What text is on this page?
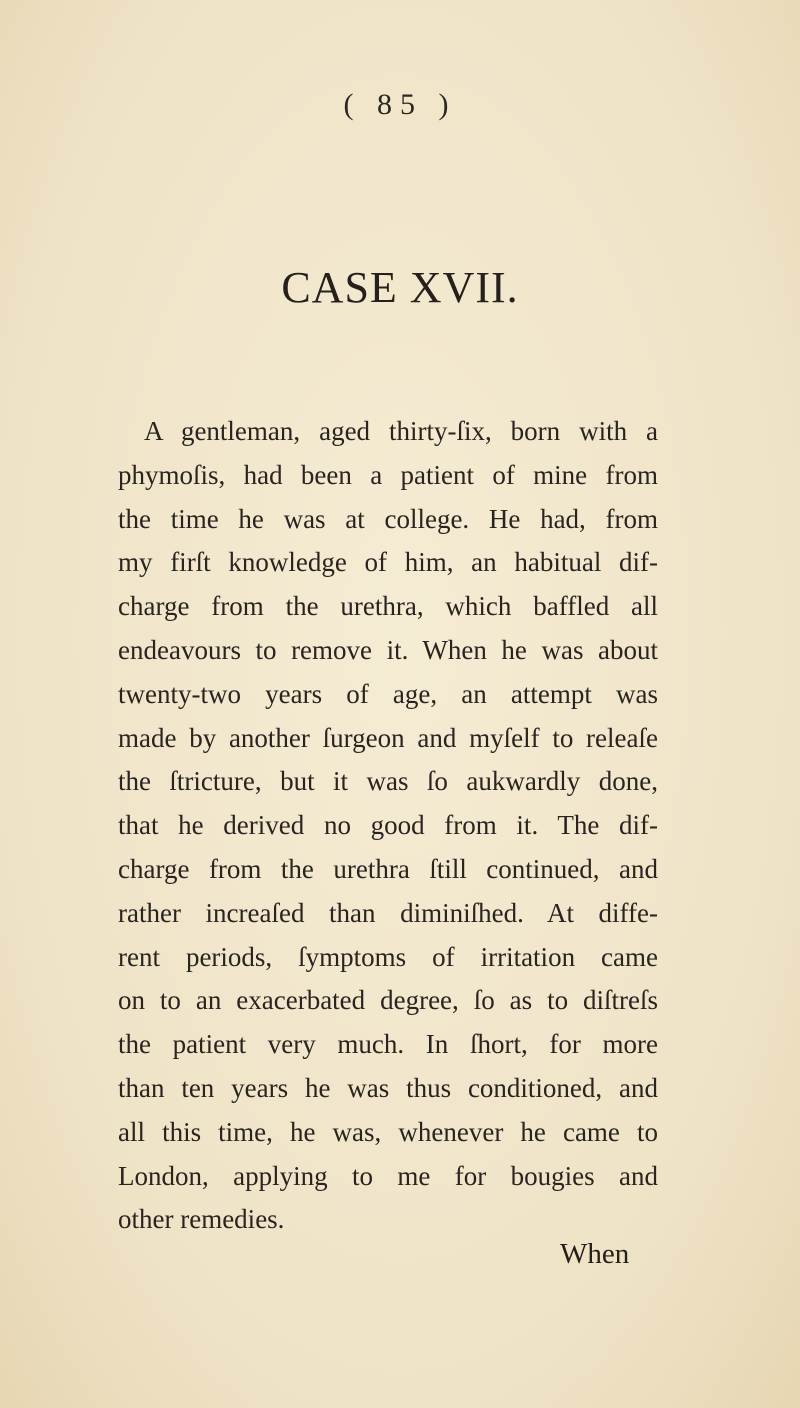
( 85 )
CASE XVII.

A gentleman, aged thirty-ſix, born with a
phymoſis, had been a patient of mine from
the time he was at college. He had, from
my firſt knowledge of him, an habitual dif-
charge from the urethra, which baffled all
endeavours to remove it. When he was about
twenty-two years of age, an attempt was
made by another ſurgeon and myſelf to releaſe
the ſtricture, but it was ſo aukwardly done,
that he derived no good from it. The dif-
charge from the urethra ſtill continued, and
rather increaſed than diminiſhed. At diffe-
rent periods, ſymptoms of irritation came
on to an exacerbated degree, ſo as to diſtreſs
the patient very much. In ſhort, for more
than ten years he was thus conditioned, and
all this time, he was, whenever he came to
London, applying to me for bougies and
other remedies.

When
